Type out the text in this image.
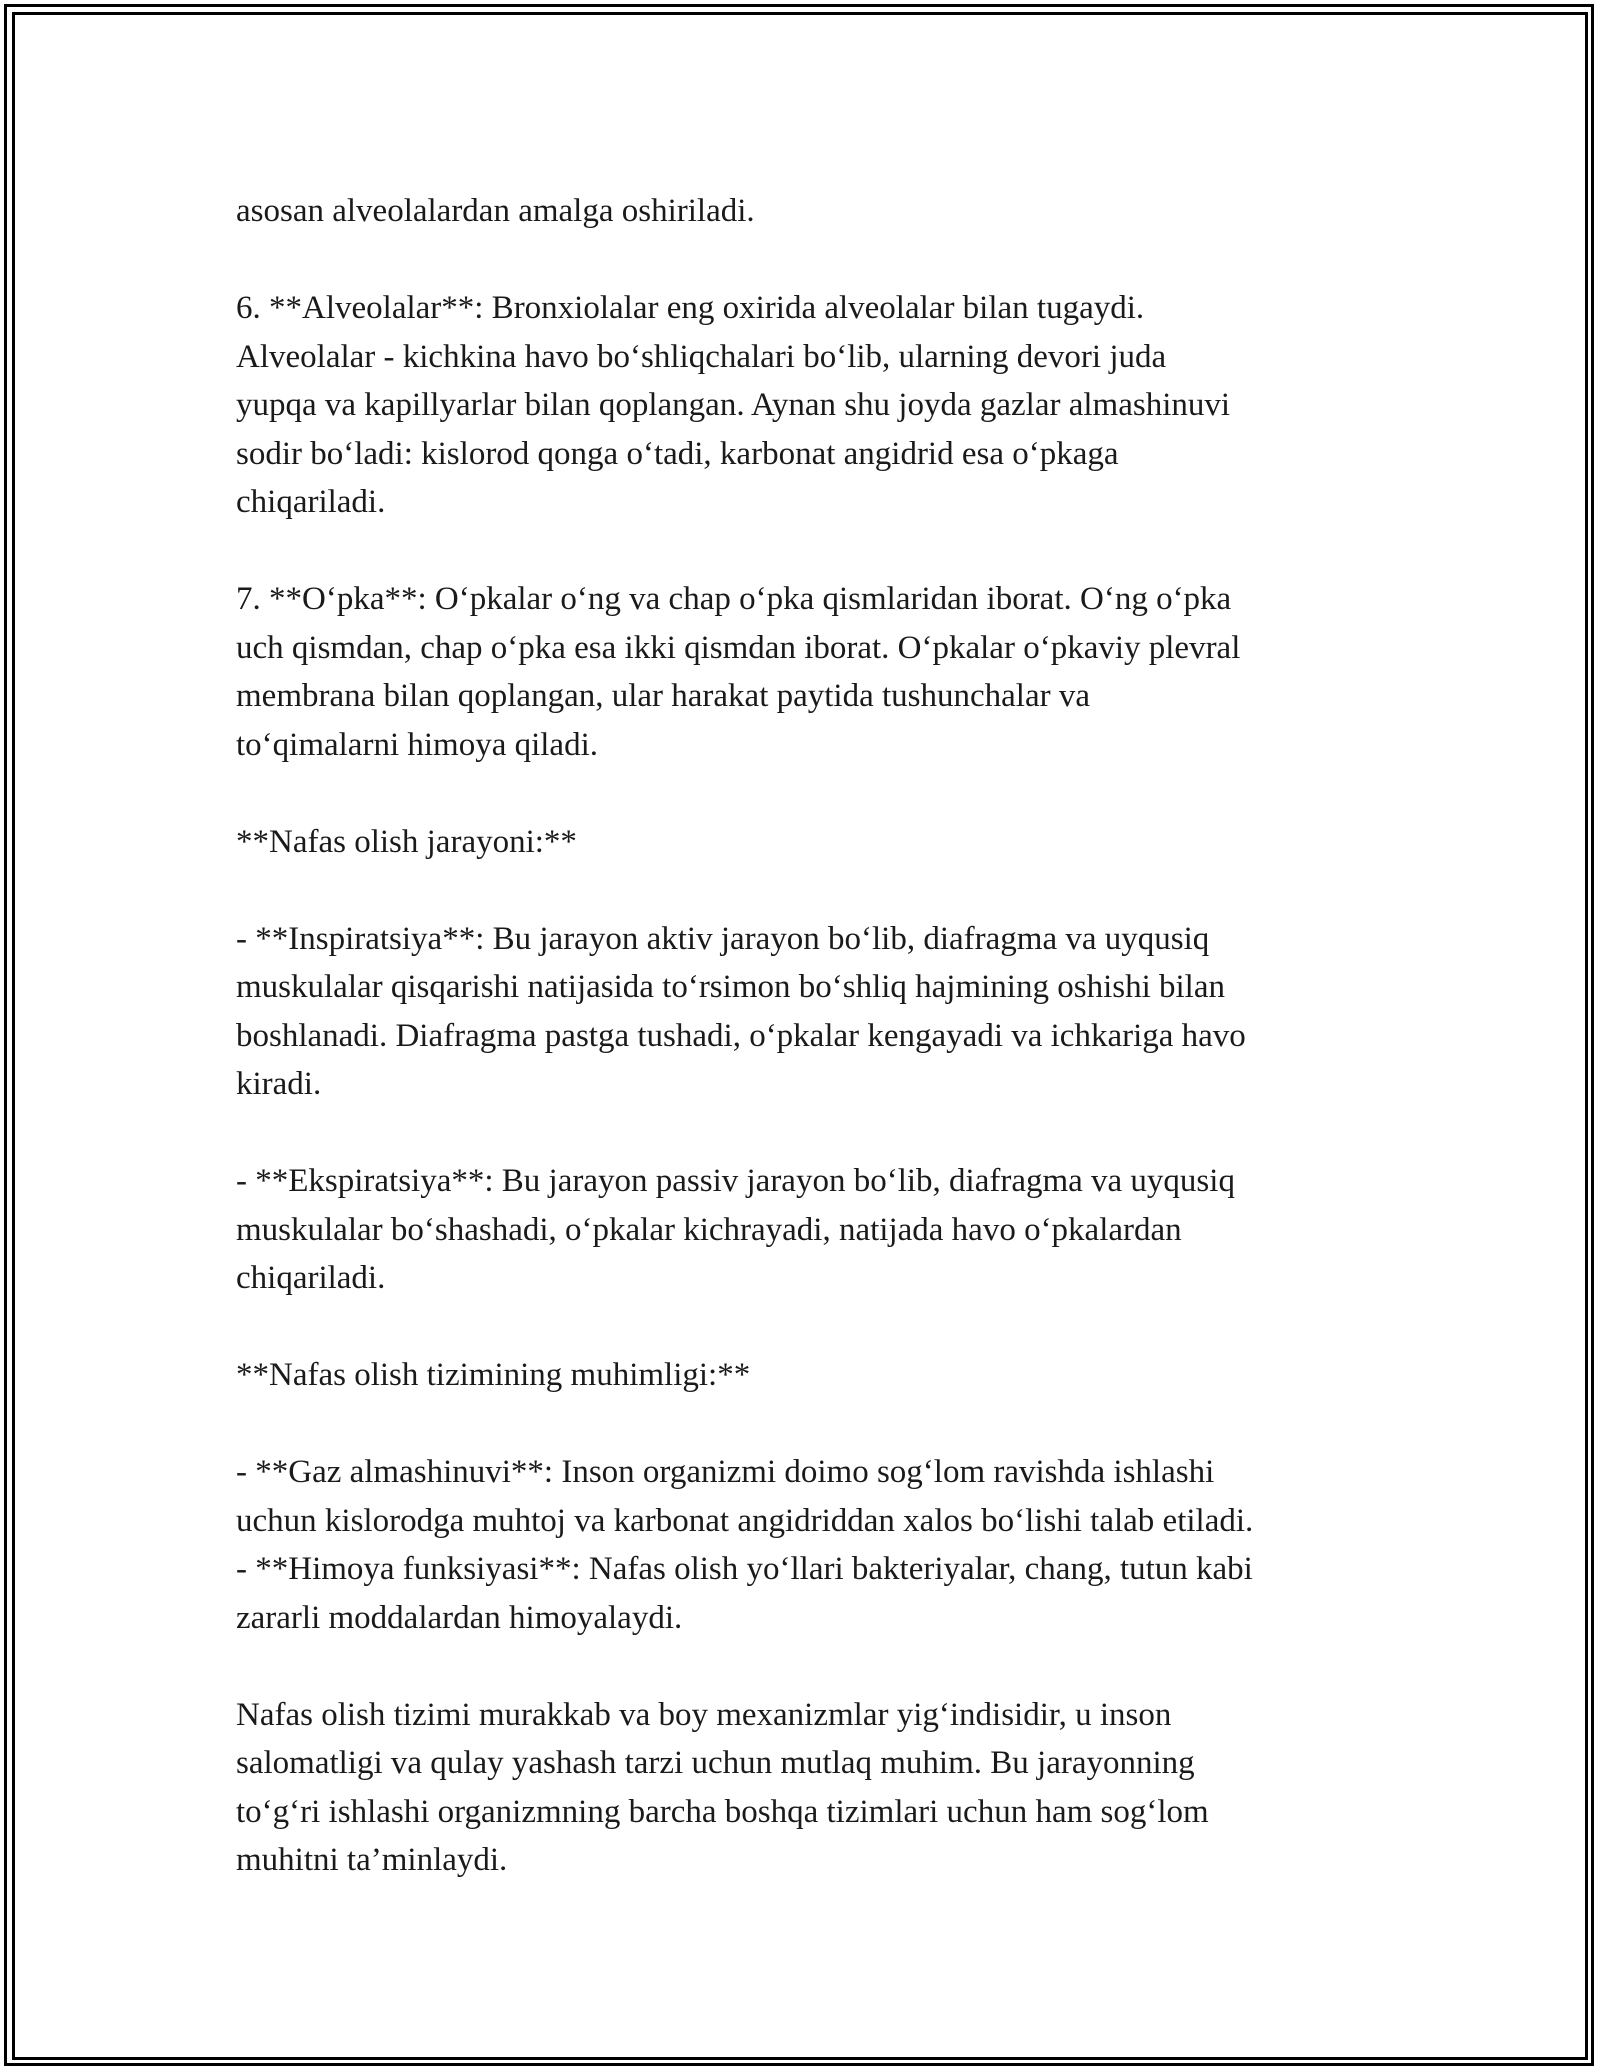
asosan alveolalardan amalga oshiriladi.

6. **Alveolalar**: Bronxiolalar eng oxirida alveolalar bilan tugaydi.
Alveolalar - kichkina havo bo‘shliqchalari bo‘lib, ularning devori juda
yupqa va kapillyarlar bilan qoplangan. Aynan shu joyda gazlar almashinuvi
sodir bo‘ladi: kislorod qonga o‘tadi, karbonat angidrid esa o‘pkaga
chiqariladi.

7. **O‘pka**: O‘pkalar o‘ng va chap o‘pka qismlaridan iborat. O‘ng o‘pka
uch qismdan, chap o‘pka esa ikki qismdan iborat. O‘pkalar o‘pkaviy plevral
membrana bilan qoplangan, ular harakat paytida tushunchalar va
to‘qimalarni himoya qiladi.

**Nafas olish jarayoni:**

- **Inspiratsiya**: Bu jarayon aktiv jarayon bo‘lib, diafragma va uyqusiq
muskulalar qisqarishi natijasida to‘rsimon bo‘shliq hajmining oshishi bilan
boshlanadi. Diafragma pastga tushadi, o‘pkalar kengayadi va ichkariga havo
kiradi.

- **Ekspiratsiya**: Bu jarayon passiv jarayon bo‘lib, diafragma va uyqusiq
muskulalar bo‘shashadi, o‘pkalar kichrayadi, natijada havo o‘pkalardan
chiqariladi.

**Nafas olish tizimining muhimligi:**

- **Gaz almashinuvi**: Inson organizmi doimo sog‘lom ravishda ishlashi
uchun kislorodga muhtoj va karbonat angidriddan xalos bo‘lishi talab etiladi.

- **Himoya funksiyasi**: Nafas olish yo‘llari bakteriyalar, chang, tutun kabi
zararli moddalardan himoyalaydi.

Nafas olish tizimi murakkab va boy mexanizmlar yig‘indisidir, u inson
salomatligi va qulay yashash tarzi uchun mutlaq muhim. Bu jarayonning
to‘g‘ri ishlashi organizmning barcha boshqa tizimlari uchun ham sog‘lom
muhitni ta’minlaydi.
